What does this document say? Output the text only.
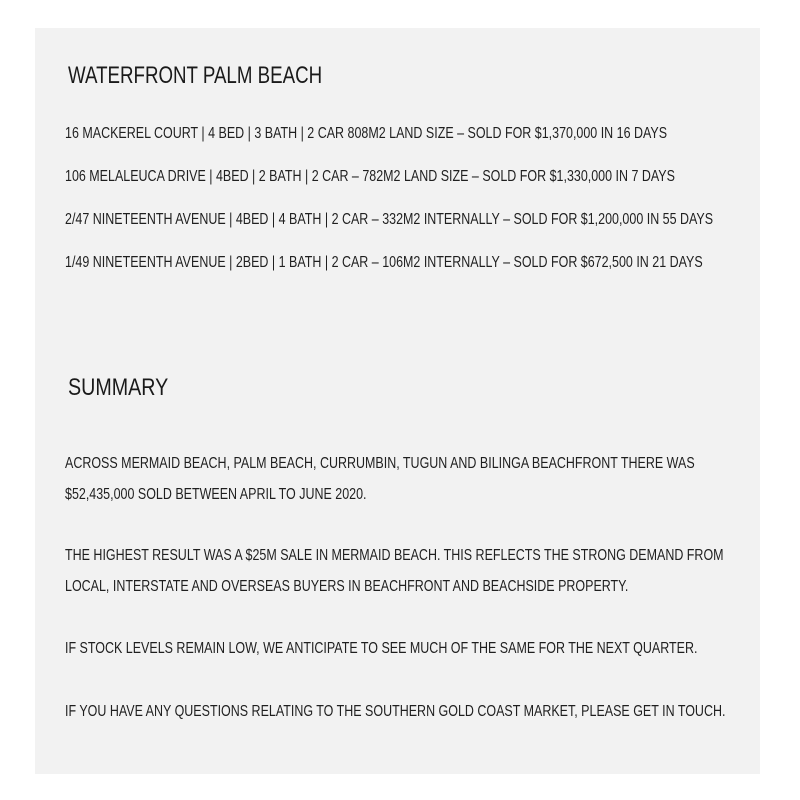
WATERFRONT PALM BEACH

16 MACKEREL COURT | 4 BED | 3 BATH | 2 CAR 808M2 LAND SIZE – SOLD FOR $1,370,000 IN 16 DAYS

106 MELALEUCA DRIVE | 4BED | 2 BATH | 2 CAR – 782M2 LAND SIZE – SOLD FOR $1,330,000 IN 7 DAYS

2/47 NINETEENTH AVENUE | 4BED | 4 BATH | 2 CAR – 332M2 INTERNALLY – SOLD FOR $1,200,000 IN 55 DAYS

1/49 NINETEENTH AVENUE | 2BED | 1 BATH | 2 CAR – 106M2 INTERNALLY – SOLD FOR $672,500 IN 21 DAYS

SUMMARY

ACROSS MERMAID BEACH, PALM BEACH, CURRUMBIN, TUGUN AND BILINGA BEACHFRONT THERE WAS
$52,435,000 SOLD BETWEEN APRIL TO JUNE 2020.

THE HIGHEST RESULT WAS A $25M SALE IN MERMAID BEACH. THIS REFLECTS THE STRONG DEMAND FROM
LOCAL, INTERSTATE AND OVERSEAS BUYERS IN BEACHFRONT AND BEACHSIDE PROPERTY.

IF STOCK LEVELS REMAIN LOW, WE ANTICIPATE TO SEE MUCH OF THE SAME FOR THE NEXT QUARTER.

IF YOU HAVE ANY QUESTIONS RELATING TO THE SOUTHERN GOLD COAST MARKET, PLEASE GET IN TOUCH.
